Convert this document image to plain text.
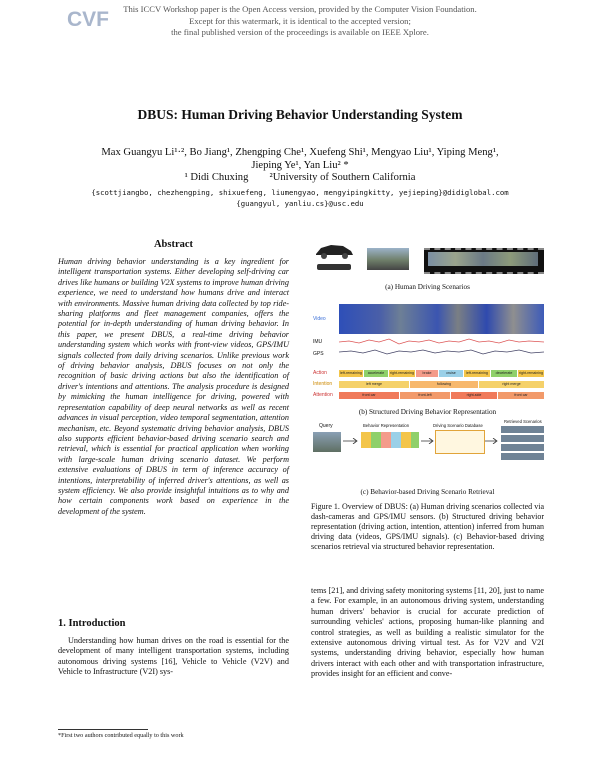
CVF	This ICCV Workshop paper is the Open Access version, provided by the Computer Vision Foundation.
Except for this watermark, it is identical to the accepted version;
the final published version of the proceedings is available on IEEE Xplore.
DBUS: Human Driving Behavior Understanding System
Max Guangyu Li¹·², Bo Jiang¹, Zhengping Che¹, Xuefeng Shi¹, Mengyao Liu¹, Yiping Meng¹,
Jieping Ye¹, Yan Liu² *
¹ Didi Chuxing        ²University of Southern California
{scottjiangbo, chezhengping, shixuefeng, liumengyao, mengyipingkitty, yejieping}@didiglobal.com
{guangyul, yanliu.cs}@usc.edu
Abstract
Human driving behavior understanding is a key ingredient for intelligent transportation systems. Either developing self-driving car drives like humans or building V2X systems to improve human driving experience, we need to understand how humans drive and interact with environments. Massive human driving data collected by top ride-sharing platforms and fleet management companies, offers the potential for in-depth understanding of human driving behavior. In this paper, we present DBUS, a real-time driving behavior understanding system which works with front-view videos, GPS/IMU signals collected from daily driving scenarios. Unlike previous work of driving behavior analysis, DBUS focuses on not only the recognition of basic driving actions but also the identification of driver's intentions and attentions. The analysis procedure is designed by mimicking the human intelligence for driving, powered with representation capability of deep neural networks as well as recent advances in visual perception, video temporal segmentation, attention mechanism, etc. Beyond systematic driving behavior analysis, DBUS also supports efficient behavior-based driving scenario search and retrieval, which is essential for practical application when working with large-scale human driving scenario dataset. We perform extensive evaluations of DBUS in term of inference accuracy of intentions, interpretability of inferred driver's attentions, as well as system efficiency. We also provide insightful intuitions as to why and how certain components work based on experience in the development of the system.
1. Introduction
Understanding how human drives on the road is essential for the development of many intelligent transportation systems, including autonomous driving systems [16], Vehicle to Vehicle (V2V) and Vehicle to Infrastructure (V2I) sys-
*First two authors contributed equally to this work
(a) Human Driving Scenarios
Video
IMU
GPS
Action	left-remaining	accelerate	right-remaining	brake	cruise	left-remaining	decelerate	right-remaining
Intention	left merge	following	right merge
Attention	front car	front-left	right-side	front car
(b) Structured Driving Behavior Representation
Query	Behavior Representation	Driving Scenario Database
Retrieved Scenarios
(c) Behavior-based Driving Scenario Retrieval
Figure 1. Overview of DBUS: (a) Human driving scenarios collected via dash-cameras and GPS/IMU sensors. (b) Structured driving behavior representation (driving action, intention, attention) inferred from human driving data (videos, GPS/IMU signals). (c) Behavior-based driving scenarios retrieval via structured behavior representation.
tems [21], and driving safety monitoring systems [11, 20], just to name a few. For example, in an autonomous driving system, understanding human drivers' behavior is crucial for accurate prediction of surrounding vehicles' actions, proposing human-like planning and control strategies, as well as building a realistic simulator for the extensive autonomous driving virtual test. As for V2V and V2I systems, understanding driving behavior, especially how human drivers interact with each other and with transportation infrastructure, provides insight for an efficient and conve-
